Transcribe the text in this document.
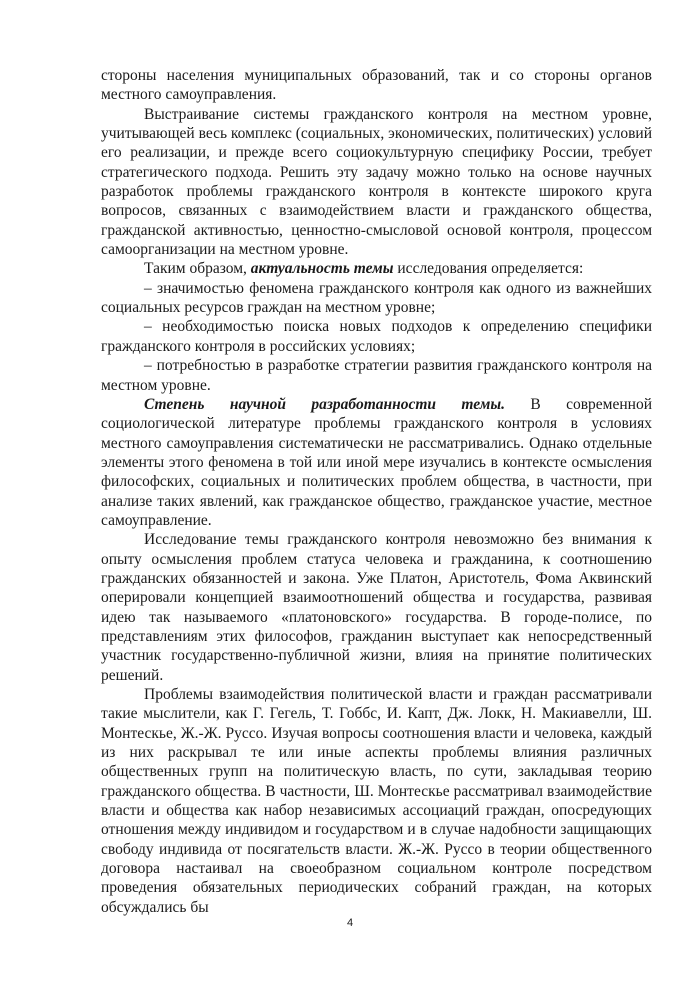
стороны населения муниципальных образований, так и со стороны органов местного самоуправления.

Выстраивание системы гражданского контроля на местном уровне, учитывающей весь комплекс (социальных, экономических, политических) условий его реализации, и прежде всего социокультурную специфику России, требует стратегического подхода. Решить эту задачу можно только на основе научных разработок проблемы гражданского контроля в контексте широкого круга вопросов, связанных с взаимодействием власти и гражданского общества, гражданской активностью, ценностно-смысловой основой контроля, процессом самоорганизации на местном уровне.

Таким образом, актуальность темы исследования определяется:

– значимостью феномена гражданского контроля как одного из важнейших социальных ресурсов граждан на местном уровне;

– необходимостью поиска новых подходов к определению специфики гражданского контроля в российских условиях;

– потребностью в разработке стратегии развития гражданского контроля на местном уровне.

Степень научной разработанности темы. В современной социологической литературе проблемы гражданского контроля в условиях местного самоуправления систематически не рассматривались. Однако отдельные элементы этого феномена в той или иной мере изучались в контексте осмысления философских, социальных и политических проблем общества, в частности, при анализе таких явлений, как гражданское общество, гражданское участие, местное самоуправление.

Исследование темы гражданского контроля невозможно без внимания к опыту осмысления проблем статуса человека и гражданина, к соотношению гражданских обязанностей и закона. Уже Платон, Аристотель, Фома Аквинский оперировали концепцией взаимоотношений общества и государства, развивая идею так называемого «платоновского» государства. В городе-полисе, по представлениям этих философов, гражданин выступает как непосредственный участник государственно-публичной жизни, влияя на принятие политических решений.

Проблемы взаимодействия политической власти и граждан рассматривали такие мыслители, как Г. Гегель, Т. Гоббс, И. Капт, Дж. Локк, Н. Макиавелли, Ш. Монтескье, Ж.-Ж. Руссо. Изучая вопросы соотношения власти и человека, каждый из них раскрывал те или иные аспекты проблемы влияния различных общественных групп на политическую власть, по сути, закладывая теорию гражданского общества. В частности, Ш. Монтескье рассматривал взаимодействие власти и общества как набор независимых ассоциаций граждан, опосредующих отношения между индивидом и государством и в случае надобности защищающих свободу индивида от посягательств власти. Ж.-Ж. Руссо в теории общественного договора настаивал на своеобразном социальном контроле посредством проведения обязательных периодических собраний граждан, на которых обсуждались бы

4
